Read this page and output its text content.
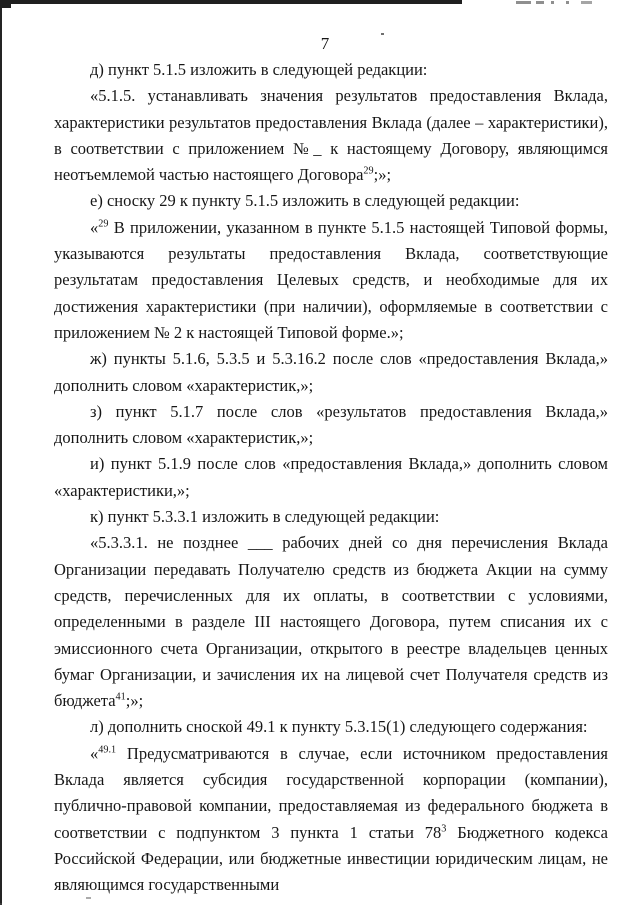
7

д) пункт 5.1.5 изложить в следующей редакции:

«5.1.5. устанавливать значения результатов предоставления Вклада, характеристики результатов предоставления Вклада (далее – характеристики), в соответствии с приложением №_ к настоящему Договору, являющимся неотъемлемой частью настоящего Договора$^{29}$;»;

е) сноску 29 к пункту 5.1.5 изложить в следующей редакции:

«$^{29}$ В приложении, указанном в пункте 5.1.5 настоящей Типовой формы, указываются результаты предоставления Вклада, соответствующие результатам предоставления Целевых средств, и необходимые для их достижения характеристики (при наличии), оформляемые в соответствии с приложением № 2 к настоящей Типовой форме.»;

ж) пункты 5.1.6, 5.3.5 и 5.3.16.2 после слов «предоставления Вклада,» дополнить словом «характеристик,»;

з) пункт 5.1.7 после слов «результатов предоставления Вклада,» дополнить словом «характеристик,»;

и) пункт 5.1.9 после слов «предоставления Вклада,» дополнить словом «характеристики,»;

к) пункт 5.3.3.1 изложить в следующей редакции:

«5.3.3.1. не позднее ___ рабочих дней со дня перечисления Вклада Организации передавать Получателю средств из бюджета Акции на сумму средств, перечисленных для их оплаты, в соответствии с условиями, определенными в разделе III настоящего Договора, путем списания их с эмиссионного счета Организации, открытого в реестре владельцев ценных бумаг Организации, и зачисления их на лицевой счет Получателя средств из бюджета$^{41}$;»;

л) дополнить сноской 49.1 к пункту 5.3.15(1) следующего содержания:

«$^{49.1}$ Предусматриваются в случае, если источником предоставления Вклада является субсидия государственной корпорации (компании), публично-правовой компании, предоставляемая из федерального бюджета в соответствии с подпунктом 3 пункта 1 статьи $78^3$ Бюджетного кодекса Российской Федерации, или бюджетные инвестиции юридическим лицам, не являющимся государственными
